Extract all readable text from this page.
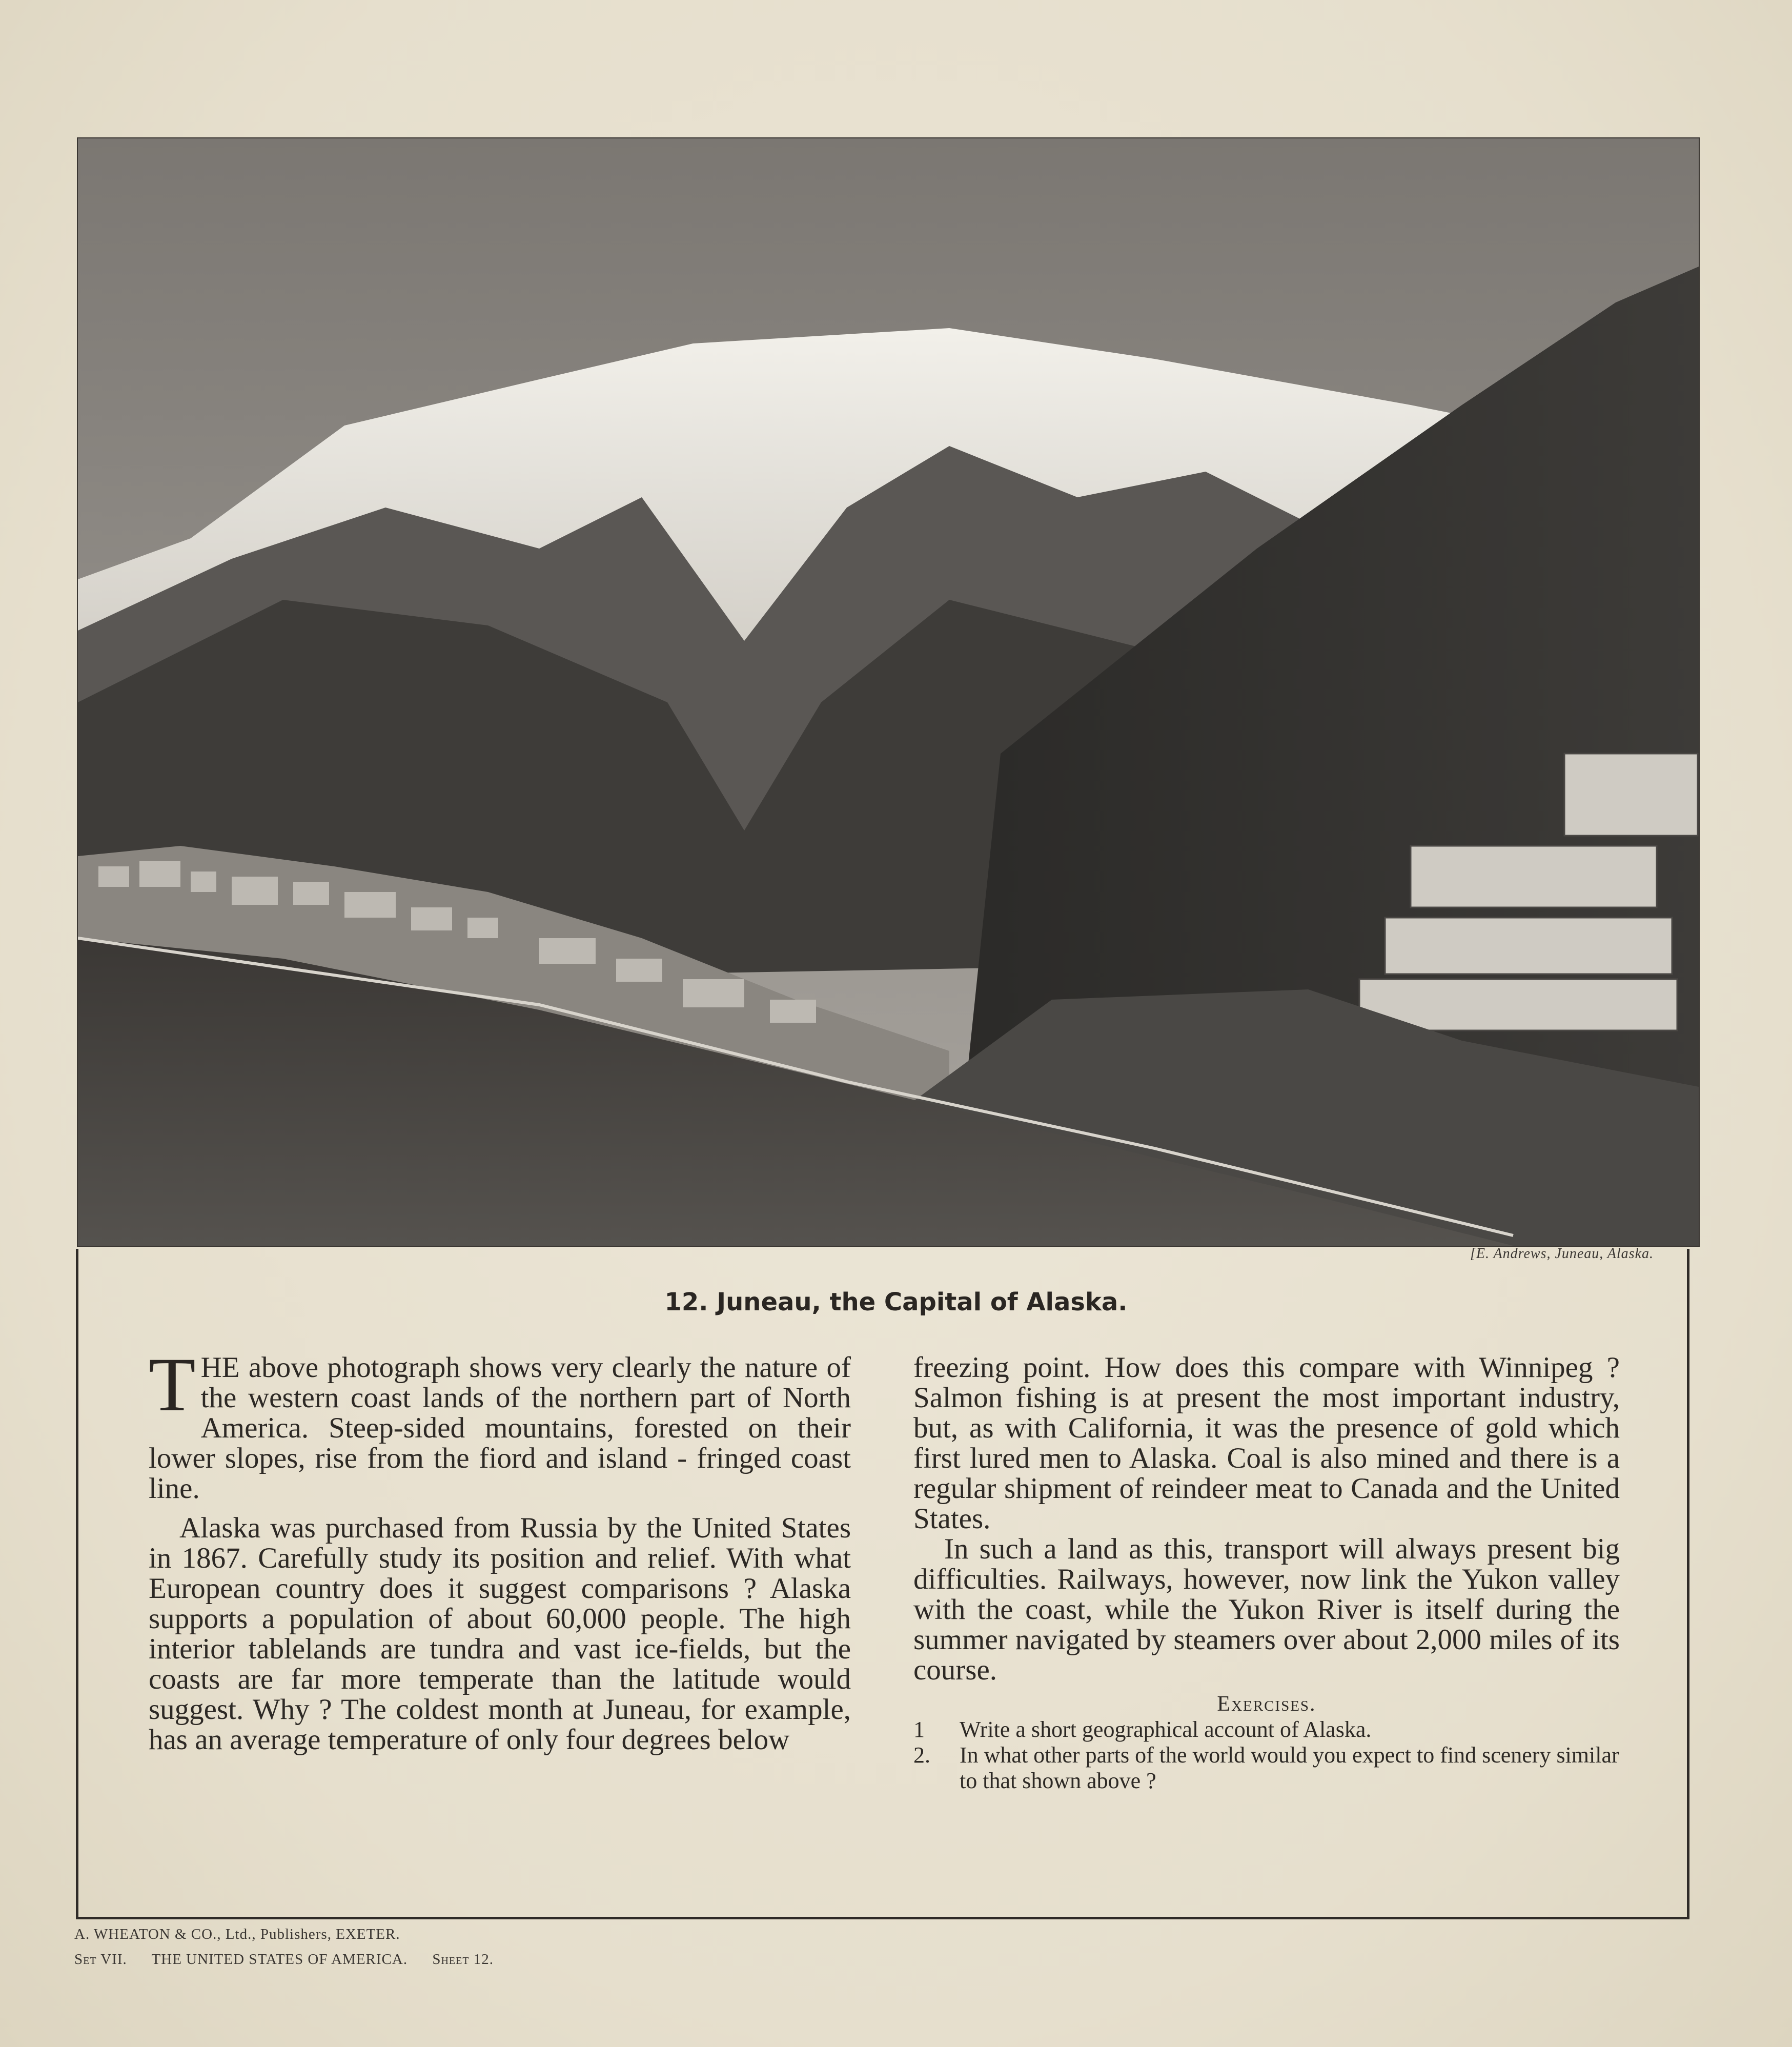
[E. Andrews, Juneau, Alaska.
12. Juneau, the Capital of Alaska.

THE above photograph shows very clearly the nature of the western coast lands of the northern part of North America. Steep-sided mountains, forested on their lower slopes, rise from the fiord and island - fringed coast line.

Alaska was purchased from Russia by the United States in 1867. Carefully study its position and relief. With what European country does it suggest comparisons ? Alaska supports a population of about 60,000 people. The high interior tablelands are tundra and vast ice-fields, but the coasts are far more temperate than the latitude would suggest. Why ? The coldest month at Juneau, for example, has an average temperature of only four degrees below

freezing point. How does this compare with Winnipeg ? Salmon fishing is at present the most important industry, but, as with California, it was the presence of gold which first lured men to Alaska. Coal is also mined and there is a regular shipment of reindeer meat to Canada and the United States.

In such a land as this, transport will always present big difficulties. Railways, however, now link the Yukon valley with the coast, while the Yukon River is itself during the summer navigated by steamers over about 2,000 miles of its course.

Exercises.

1	Write a short geographical account of Alaska.
2.	In what other parts of the world would you expect to find scenery similar to that shown above ?
A. WHEATON & CO., Ltd., Publishers, EXETER.
Set VII. THE UNITED STATES OF AMERICA. Sheet 12.
